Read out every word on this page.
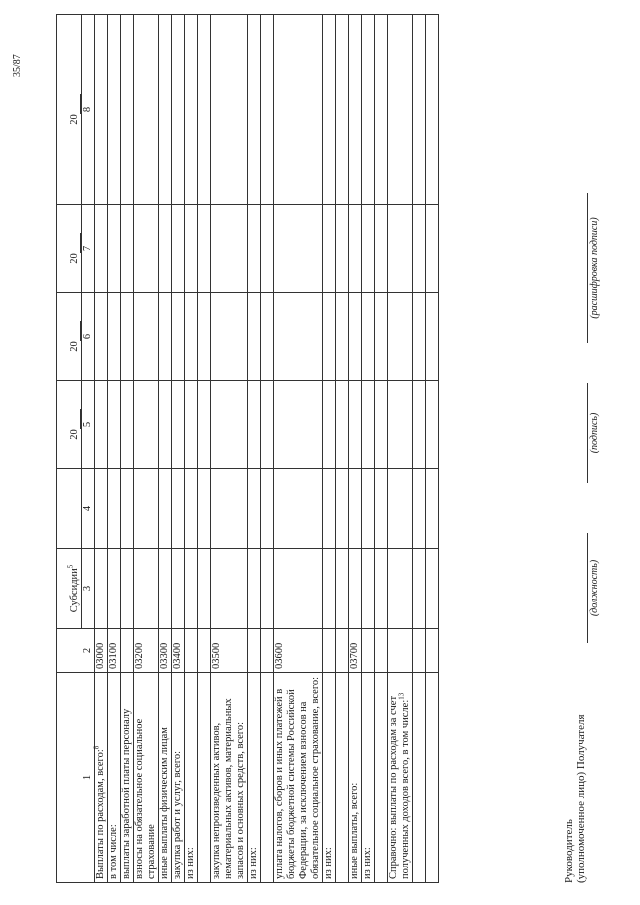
35/87
1	2	Субсидии$^5$		20	20	20	20
		3	4	5	6	7	8
Выплаты по расходам, всего:$^8$	03000						
в том числе:	03100						
выплаты заработной платы персоналу							
взносы на обязательное социальное страхование	03200						
иные выплаты физическим лицам	03300						
закупка работ и услуг, всего:	03400						
из них:							

закупка непроизведенных активов, нематериальных активов, материальных запасов и основных средств, всего:	03500						
из них:							

уплата налогов, сборов и иных платежей в бюджеты бюджетной системы Российской Федерации, за исключением взносов на обязательное социальное страхование, всего:	03600						
из них:							

иные выплаты, всего:	03700						
из них:							

Справочно: выплаты по расходам за счет полученных доходов всего, в том числе:$^{13}$							

Руководитель (уполномоченное лицо) Получателя
(должность)
(подпись)
(расшифровка подписи)
